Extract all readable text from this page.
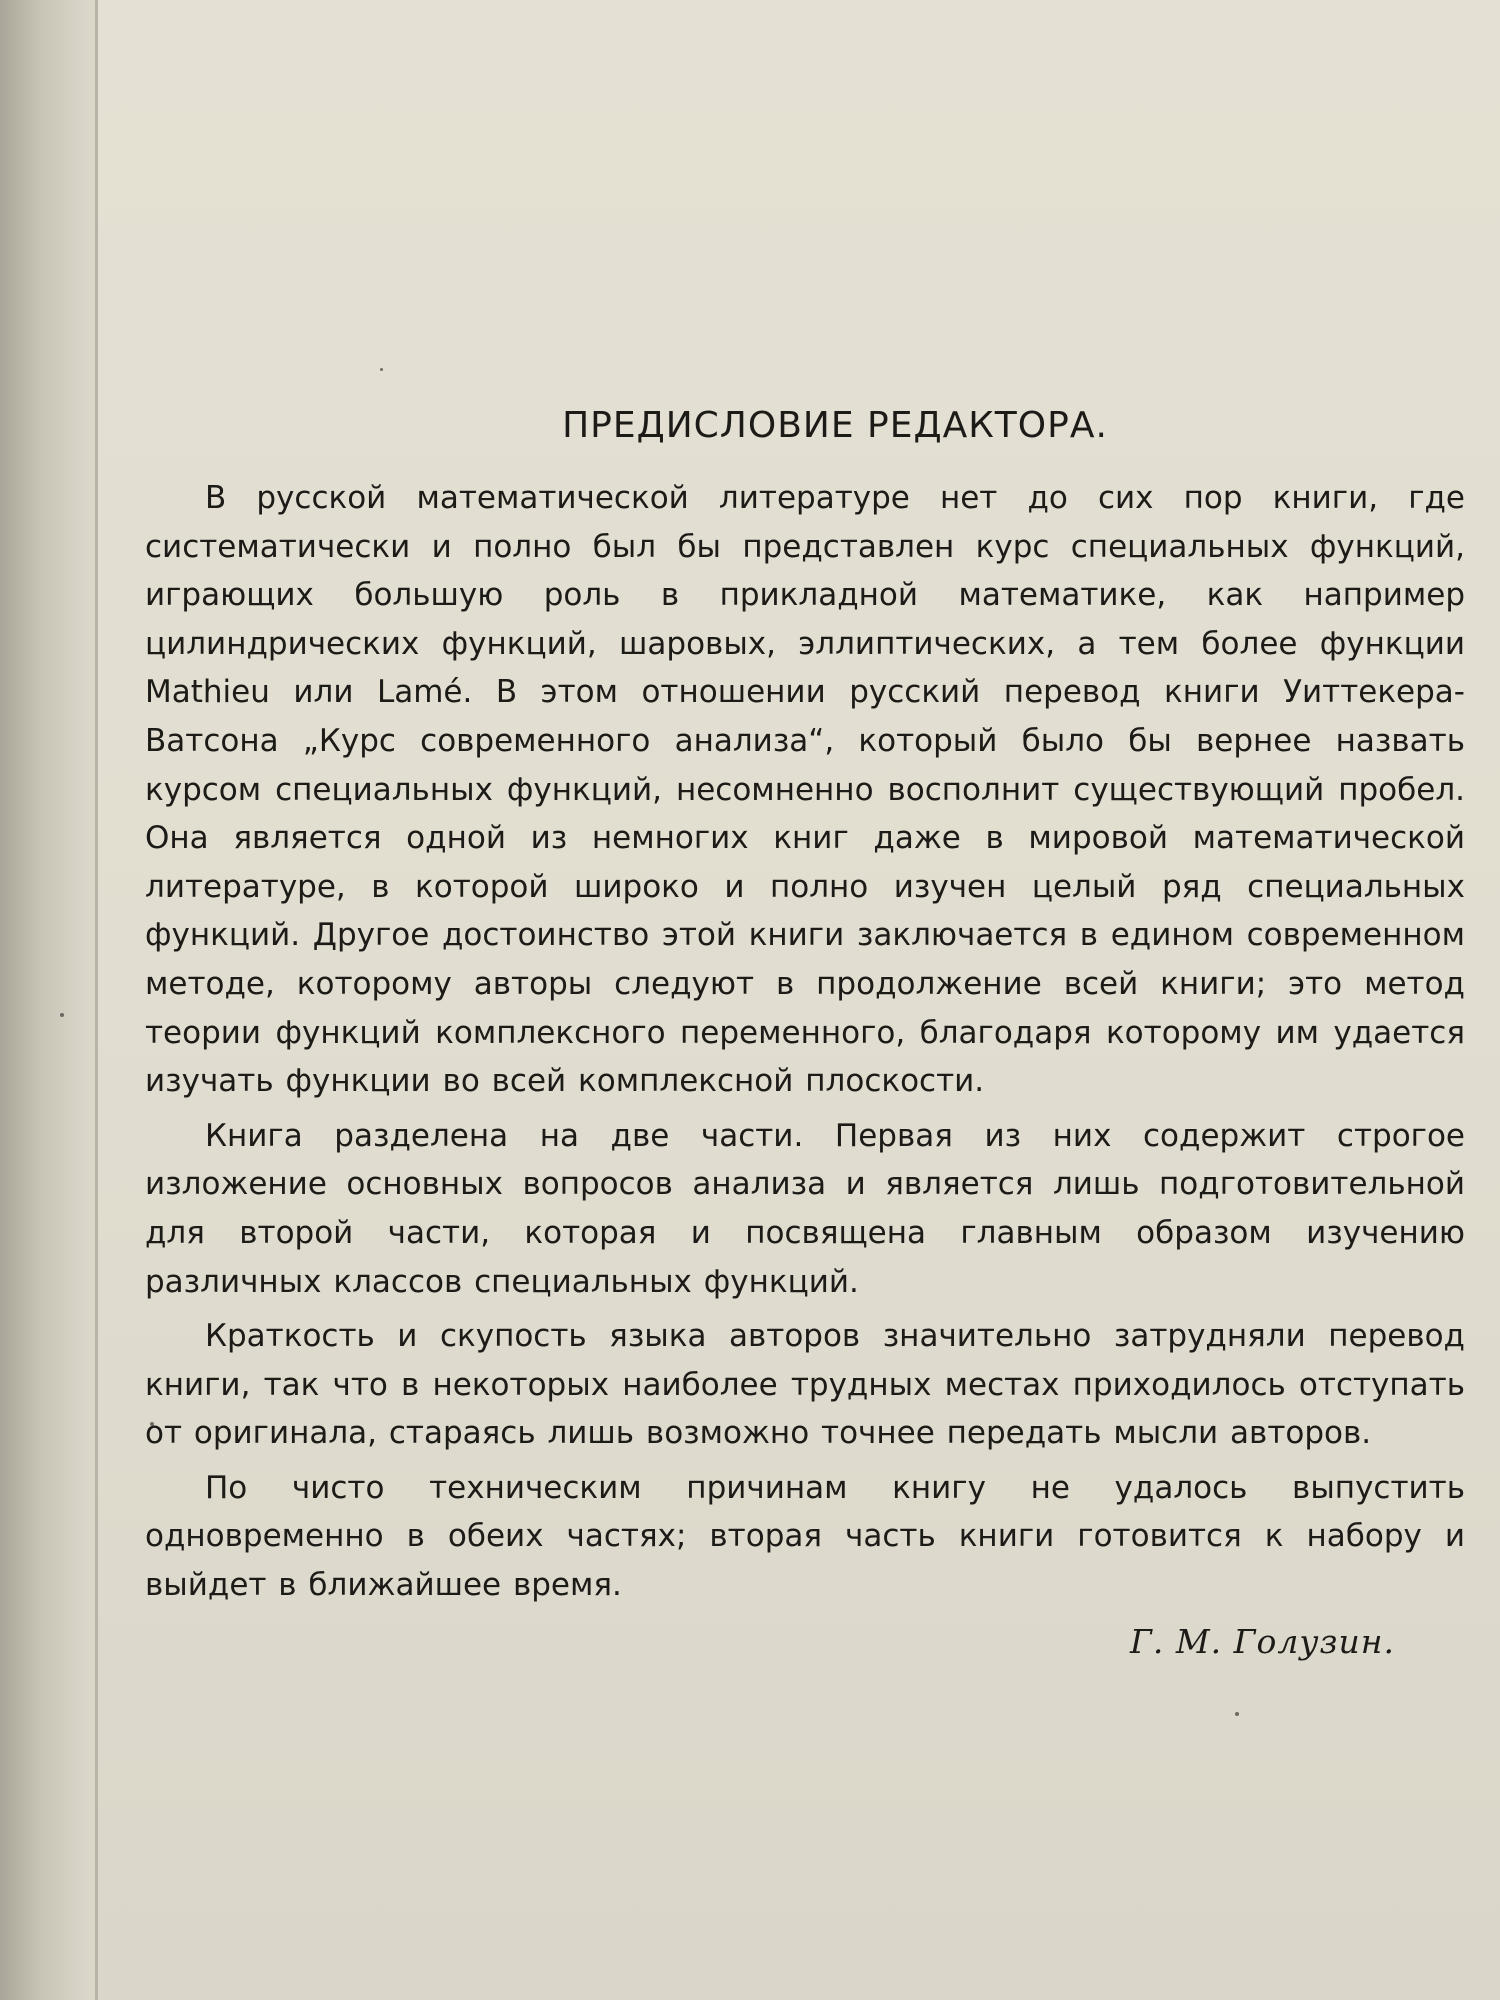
ПРЕДИСЛОВИЕ РЕДАКТОРА.

В русской математической литературе нет до сих пор книги, где систематически и полно был бы представлен курс специальных функций, играющих большую роль в прикладной математике, как например цилиндрических функций, шаровых, эллиптических, а тем более функции Mathieu или Lamé. В этом отношении русский перевод книги Уиттекера-Ватсона „Курс современного анализа“, который было бы вернее назвать курсом специальных функций, несомненно восполнит существующий пробел. Она является одной из немногих книг даже в мировой математической литературе, в которой широко и полно изучен целый ряд специальных функций. Другое достоинство этой книги заключается в едином современном методе, которому авторы следуют в продолжение всей книги; это метод теории функций комплексного переменного, благодаря которому им удается изучать функции во всей комплексной плоскости.

Книга разделена на две части. Первая из них содержит строгое изложение основных вопросов анализа и является лишь подготовительной для второй части, которая и посвящена главным образом изучению различных классов специальных функций.

Краткость и скупость языка авторов значительно затрудняли перевод книги, так что в некоторых наиболее трудных местах приходилось отступать от оригинала, стараясь лишь возможно точнее передать мысли авторов.

По чисто техническим причинам книгу не удалось выпустить одновременно в обеих частях; вторая часть книги готовится к набору и выйдет в ближайшее время.

Г. М. Голузин.
